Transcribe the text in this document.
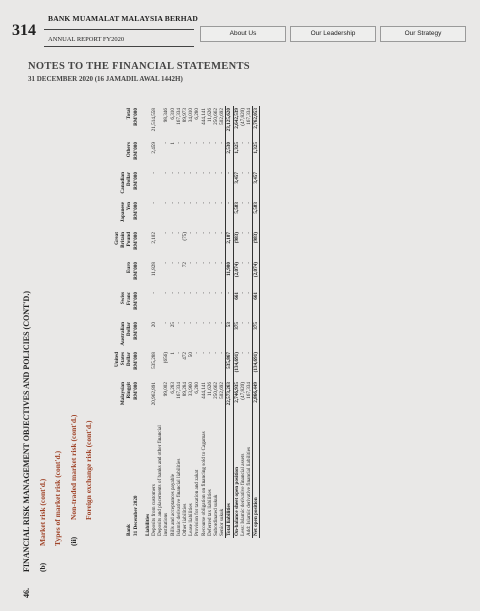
314
BANK MUAMALAT MALAYSIA BERHAD
ANNUAL REPORT FY2020
About Us	Our Leadership	Our Strategy
NOTES TO THE FINANCIAL STATEMENTS
31 DECEMBER 2020 (16 JAMADIL AWAL 1442H)
46.FINANCIAL RISK MANAGEMENT OBJECTIVES AND POLICIES (CONT'D.) (b)Market risk (cont'd.) Types of market risk (cont'd.) (ii)Non-traded market risk (cont'd.) Foreign exchange risk (cont'd.)
Bank
31 December 2020	Malaysian Ringgit RM'000	United States Dollar RM'000	Australian Dollar RM'000	Swiss Franc RM'000	Euro RM'000	Great Britain Pound RM'000	Japanese Yen RM'000	Canadian Dollar RM'000	Others RM'000	Total RM'000

Liabilities										
Deposits from customers	20,962,891	535,288	20	-	11,828	2,102	-	-	2,459	21,514,558
Deposits and placements of banks and other financial institutions	99,002	(656)	-	-	-	-	-	-	-	98,346
Bills and acceptances payable	6,283	1	25	-	-	-	-	-	1	6,310
Islamic derivative financial liabilities	167,334	-	-	-	-	-	-	-	-	167,334
Other liabilities	89,284	472	-	-	72	(75)	-	-	-	89,973
Lease liabilities	33,960	50	-	-	-	-	-	-	-	34,010
Provision for taxation and zakat	6,280	-	-	-	-	-	-	-	-	6,280
Recourse obligation on financing sold to Cagamas	444,141	-	-	-	-	-	-	-	-	444,141
Deferred tax liabilities	11,626	-	-	-	-	-	-	-	-	11,626
Subordinated sukuk	250,662	-	-	-	-	-	-	-	-	250,662
Senior sukuk	502,692	-	-	-	-	-	-	-	-	502,692
Total liabilities	22,573,263	535,867	53	-	11,900	2,107	-	-	2,530	23,125,620
On-balance sheet open position	2,746,935	(134,691)	375	661	(2,074)	(983)	5,583	3,457	1,325	2,642,539
Less: Islamic derivative financial assets	(47,820)	-	-	-	-	-	-	-	-	(47,820)
Add: Islamic derivative financial liabilities	167,334	-	-	-	-	-	-	-	-	167,334
Net open position	2,866,449	(134,691)	375	661	(2,074)	(983)	5,583	3,457	1,325	2,762,053
